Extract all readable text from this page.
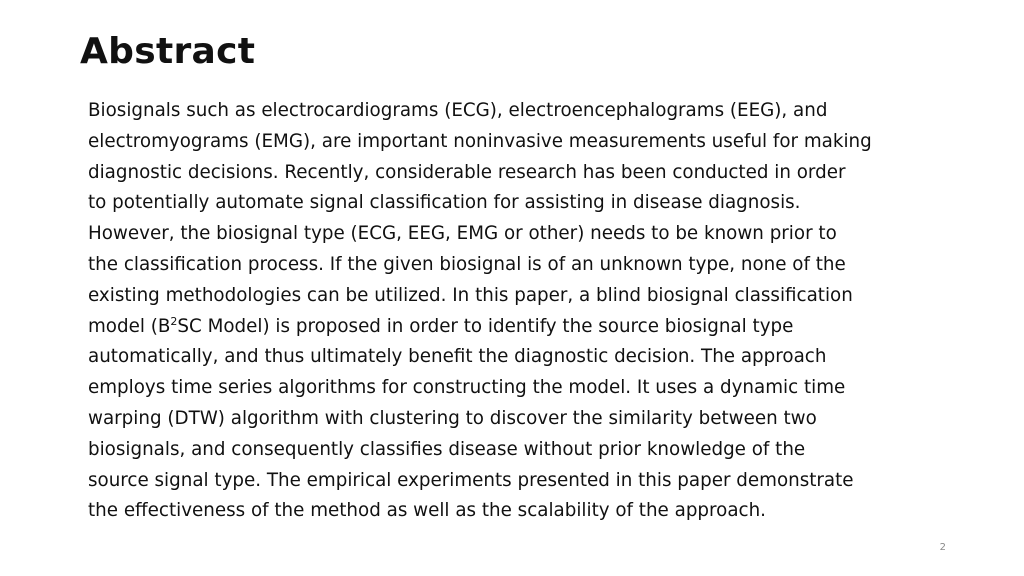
Abstract
Biosignals such as electrocardiograms (ECG), electroencephalograms (EEG), and
electromyograms (EMG), are important noninvasive measurements useful for making
diagnostic decisions. Recently, considerable research has been conducted in order
to potentially automate signal classification for assisting in disease diagnosis.
However, the biosignal type (ECG, EEG, EMG or other) needs to be known prior to
the classification process. If the given biosignal is of an unknown type, none of the
existing methodologies can be utilized. In this paper, a blind biosignal classification
model ($B^2SC$ Model) is proposed in order to identify the source biosignal type
automatically, and thus ultimately benefit the diagnostic decision. The approach
employs time series algorithms for constructing the model. It uses a dynamic time
warping (DTW) algorithm with clustering to discover the similarity between two
biosignals, and consequently classifies disease without prior knowledge of the
source signal type. The empirical experiments presented in this paper demonstrate
the effectiveness of the method as well as the scalability of the approach.
2
